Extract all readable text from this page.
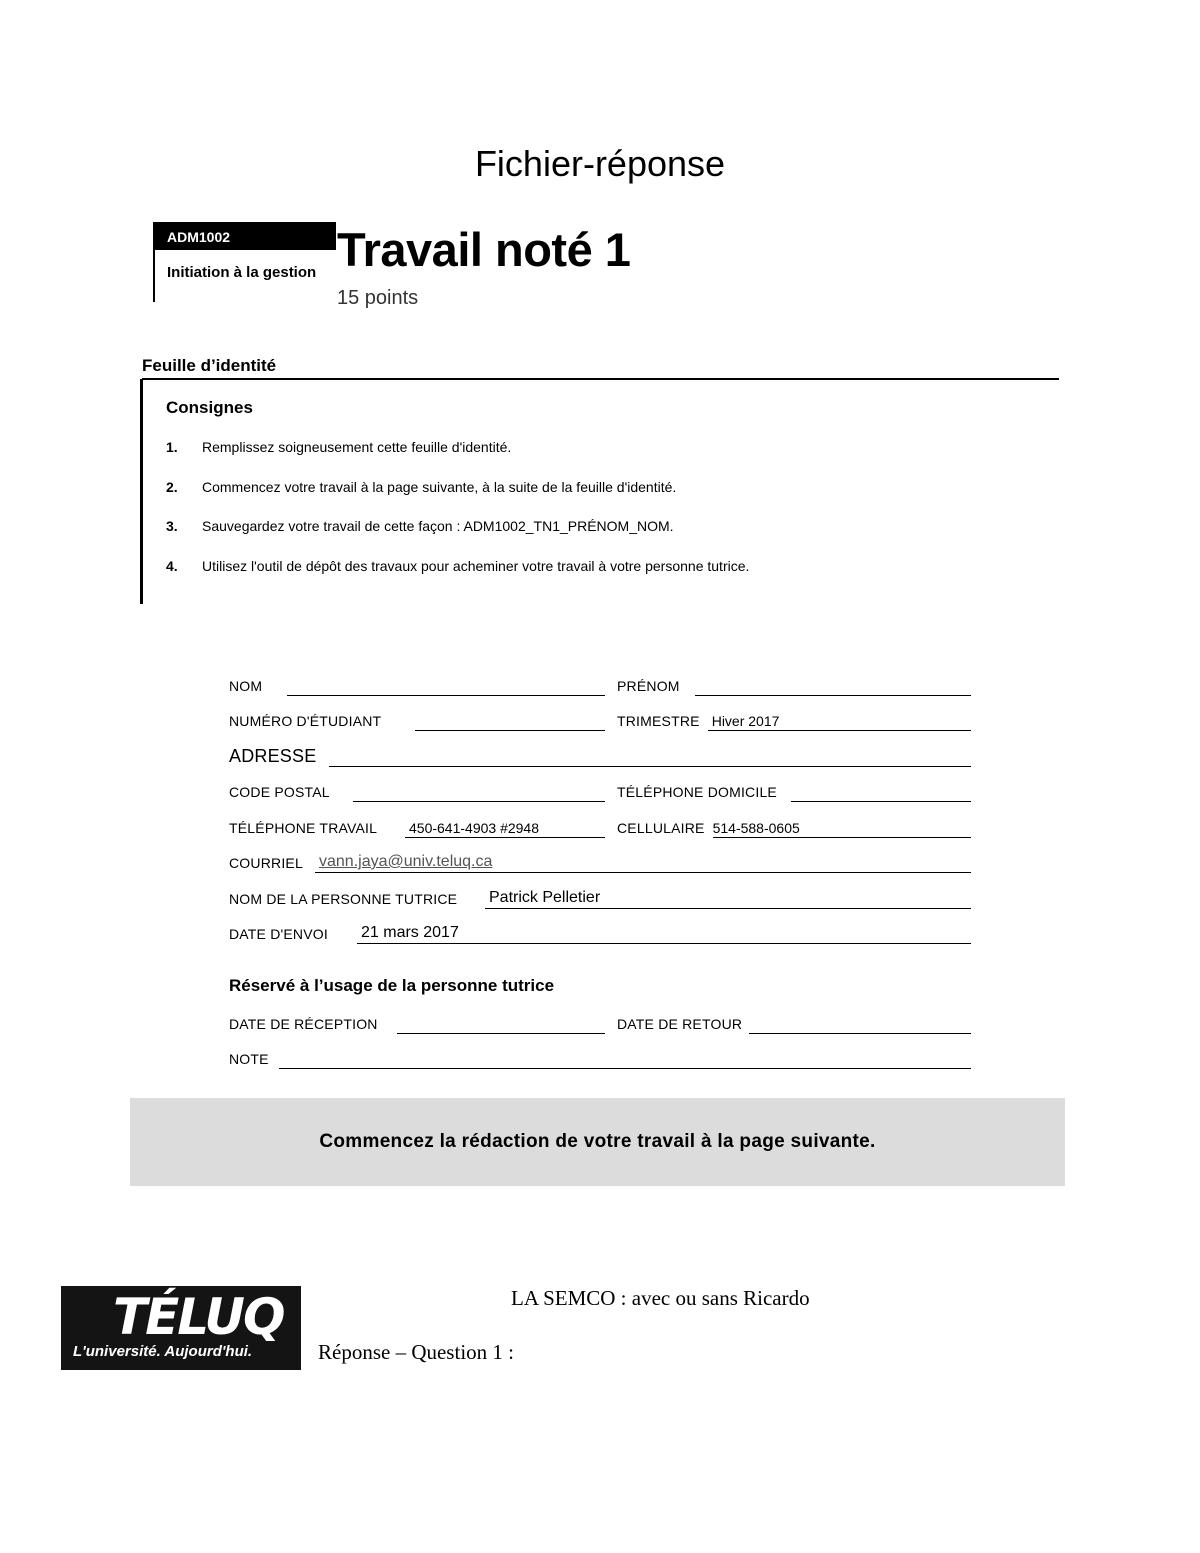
Fichier-réponse
ADM1002
Initiation à la gestion Travail noté 1
15 points
Feuille d’identité
Consignes
1.	Remplissez soigneusement cette feuille d'identité.
2.	Commencez votre travail à la page suivante, à la suite de la feuille d'identité.
3.	Sauvegardez votre travail de cette façon : ADM1002_TN1_PRÉNOM_NOM.
4.	Utilisez l'outil de dépôt des travaux pour acheminer votre travail à votre personne tutrice.
NOM	PRÉNOM
NUMÉRO D'ÉTUDIANT	TRIMESTRE Hiver 2017
ADRESSE
CODE POSTAL	TÉLÉPHONE DOMICILE
TÉLÉPHONE TRAVAIL	450-641-4903 #2948	CELLULAIRE 514-588-0605
COURRIEL	vann.jaya@univ.teluq.ca
NOM DE LA PERSONNE TUTRICE	Patrick Pelletier
DATE D'ENVOI	21 mars 2017
Réservé à l’usage de la personne tutrice
DATE DE RÉCEPTION	DATE DE RETOUR
NOTE
Commencez la rédaction de votre travail à la page suivante.
TÉLUQ
L'université. Aujourd'hui.
LA SEMCO : avec ou sans Ricardo
Réponse – Question 1 :
